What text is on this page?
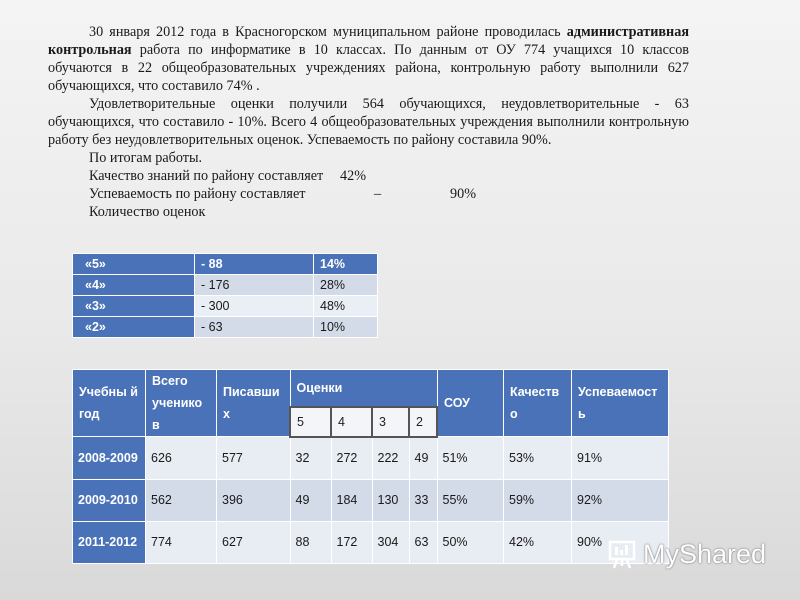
30 января 2012 года в Красногорском муниципальном районе проводилась административная контрольная работа по информатике в 10 классах. По данным от ОУ 774 учащихся 10 классов обучаются в 22 общеобразовательных учреждениях района, контрольную работу выполнили 627 обучающихся, что составило 74% .

Удовлетворительные оценки получили 564 обучающихся, неудовлетворительные - 63 обучающихся, что составило - 10%. Всего 4 общеобразовательных учреждения выполнили контрольную работу без неудовлетворительных оценок. Успеваемость по району составила 90%.

По итогам работы.

Качество знаний по району составляет 42%
Успеваемость по району составляет	–	90%
Количество оценок
«5»	- 88	14%
«4»	- 176	28%
«3»	- 300	48%
«2»	- 63	10%
Учебны й год	Всего ученико в	Писавши х	Оценки				СОУ	Качеств о	Успеваемост ь
			5	4	3	2			
2008-2009	626	577	32	272	222	49	51%	53%	91%
2009-2010	562	396	49	184	130	33	55%	59%	92%
2011-2012	774	627	88	172	304	63	50%	42%	90% MyShared
